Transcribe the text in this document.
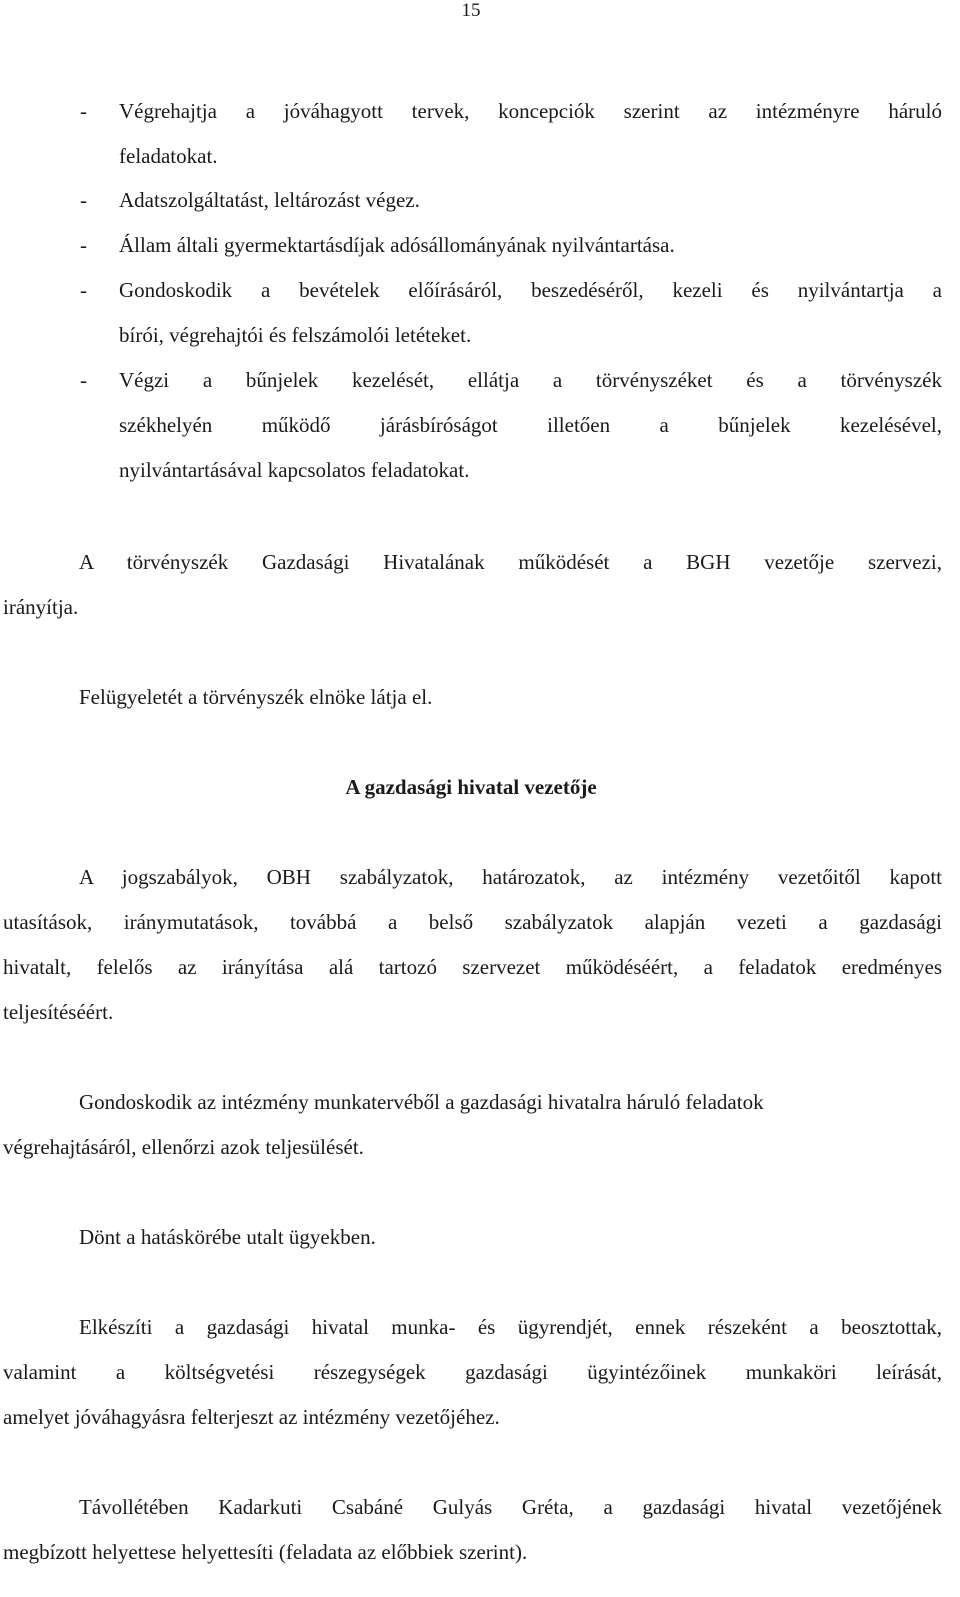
15
- Végrehajtja a jóváhagyott tervek, koncepciók szerint az intézményre háruló
feladatokat.
- Adatszolgáltatást, leltározást végez.
- Állam általi gyermektartásdíjak adósállományának nyilvántartása.
- Gondoskodik a bevételek előírásáról, beszedéséről, kezeli és nyilvántartja a
bírói, végrehajtói és felszámolói letéteket.
- Végzi a bűnjelek kezelését, ellátja a törvényszéket és a törvényszék
székhelyén működő járásbíróságot illetően a bűnjelek kezelésével,
nyilvántartásával kapcsolatos feladatokat.
A törvényszék Gazdasági Hivatalának működését a BGH vezetője szervezi,
irányítja.
Felügyeletét a törvényszék elnöke látja el.
A gazdasági hivatal vezetője
A jogszabályok, OBH szabályzatok, határozatok, az intézmény vezetőitől kapott
utasítások, iránymutatások, továbbá a belső szabályzatok alapján vezeti a gazdasági
hivatalt, felelős az irányítása alá tartozó szervezet működéséért, a feladatok eredményes
teljesítéséért.
Gondoskodik az intézmény munkatervéből a gazdasági hivatalra háruló feladatok
végrehajtásáról, ellenőrzi azok teljesülését.
Dönt a hatáskörébe utalt ügyekben.
Elkészíti a gazdasági hivatal munka- és ügyrendjét, ennek részeként a beosztottak,
valamint a költségvetési részegységek gazdasági ügyintézőinek munkaköri leírását,
amelyet jóváhagyásra felterjeszt az intézmény vezetőjéhez.
Távollétében Kadarkuti Csabáné Gulyás Gréta, a gazdasági hivatal vezetőjének
megbízott helyettese helyettesíti (feladata az előbbiek szerint).
